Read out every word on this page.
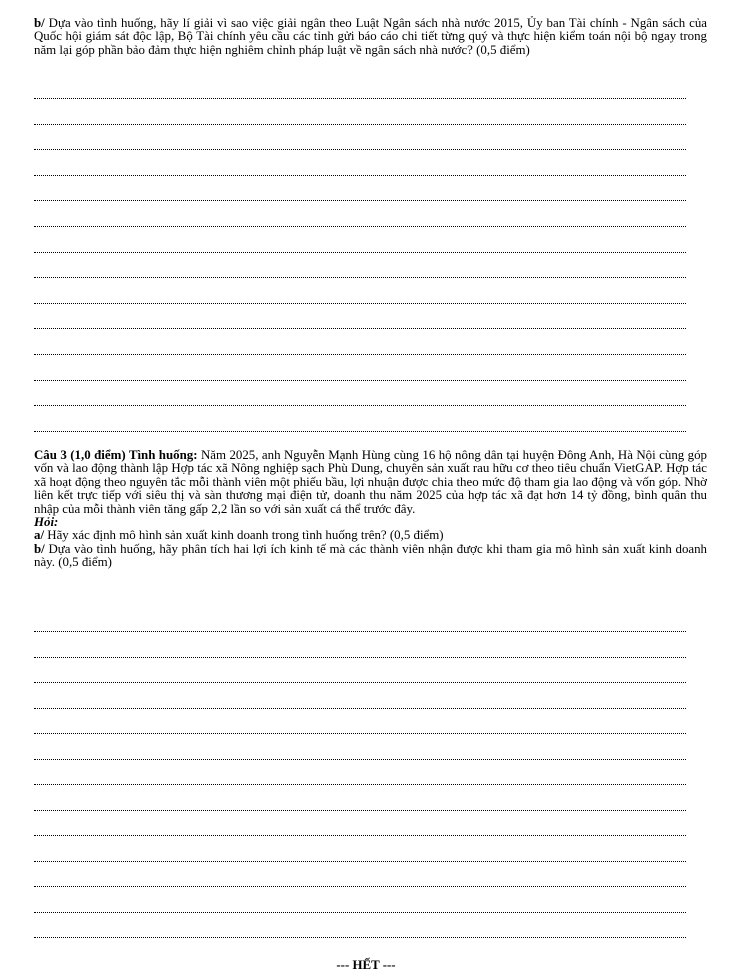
b/ Dựa vào tình huống, hãy lí giải vì sao việc giải ngân theo Luật Ngân sách nhà nước 2015, Ủy ban Tài chính - Ngân sách của Quốc hội giám sát độc lập, Bộ Tài chính yêu cầu các tỉnh gửi báo cáo chi tiết từng quý và thực hiện kiểm toán nội bộ ngay trong năm lại góp phần bảo đảm thực hiện nghiêm chỉnh pháp luật về ngân sách nhà nước? (0,5 điểm)
Câu 3 (1,0 điểm) Tình huống: Năm 2025, anh Nguyễn Mạnh Hùng cùng 16 hộ nông dân tại huyện Đông Anh, Hà Nội cùng góp vốn và lao động thành lập Hợp tác xã Nông nghiệp sạch Phù Dung, chuyên sản xuất rau hữu cơ theo tiêu chuẩn VietGAP. Hợp tác xã hoạt động theo nguyên tắc mỗi thành viên một phiếu bầu, lợi nhuận được chia theo mức độ tham gia lao động và vốn góp. Nhờ liên kết trực tiếp với siêu thị và sàn thương mại điện tử, doanh thu năm 2025 của hợp tác xã đạt hơn 14 tỷ đồng, bình quân thu nhập của mỗi thành viên tăng gấp 2,2 lần so với sản xuất cá thể trước đây.
Hỏi:
a/ Hãy xác định mô hình sản xuất kinh doanh trong tình huống trên? (0,5 điểm)
b/ Dựa vào tình huống, hãy phân tích hai lợi ích kinh tế mà các thành viên nhận được khi tham gia mô hình sản xuất kinh doanh này. (0,5 điểm)
--- HẾT ---
